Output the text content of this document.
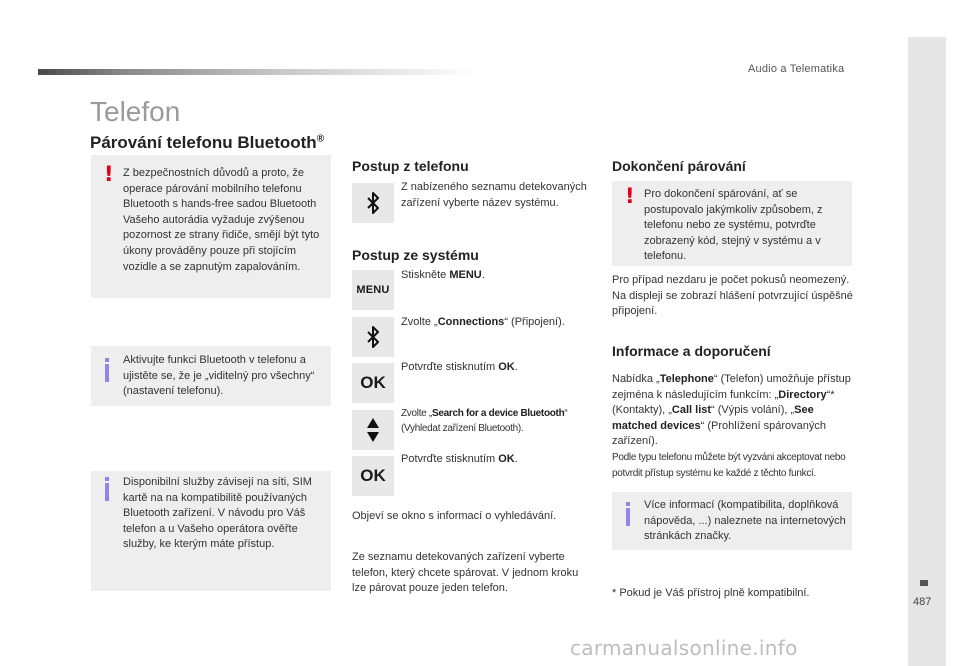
Audio a Telematika
487
Telefon
Párování telefonu Bluetooth®
! Z bezpečnostních důvodů a proto, že operace párování mobilního telefonu Bluetooth s hands-free sadou Bluetooth Vašeho autorádia vyžaduje zvýšenou pozornost ze strany řidiče, smějí být tyto úkony prováděny pouze při stojícím vozidle a se zapnutým zapalováním.
Aktivujte funkci Bluetooth v telefonu a ujistěte se, že je „viditelný pro všechny“ (nastavení telefonu).
Disponibilní služby závisejí na síti, SIM kartě na na kompatibilitě používaných Bluetooth zařízení. V návodu pro Váš telefon a u Vašeho operátora ověřte služby, ke kterým máte přístup.
Postup z telefonu
Z nabízeného seznamu detekovaných zařízení vyberte název systému.
Postup ze systému
MENU
Stiskněte MENU.
Zvolte „Connections“ (Připojení).
OK
Potvrďte stisknutím OK.
Zvolte „Search for a device Bluetooth“ (Vyhledat zařízení Bluetooth).
OK
Potvrďte stisknutím OK.
Objeví se okno s informací o vyhledávání.
Ze seznamu detekovaných zařízení vyberte telefon, který chcete spárovat. V jednom kroku lze párovat pouze jeden telefon.
Dokončení párování
! Pro dokončení spárování, ať se postupovalo jakýmkoliv způsobem, z telefonu nebo ze systému, potvrďte zobrazený kód, stejný v systému a v telefonu.
Pro případ nezdaru je počet pokusů neomezený. Na displeji se zobrazí hlášení potvrzující úspěšné připojení.
Informace a doporučení
Nabídka „Telephone“ (Telefon) umožňuje přístup zejména k následujícím funkcím: „Directory“* (Kontakty), „Call list“ (Výpis volání), „See matched devices“ (Prohlížení spárovaných zařízení).
Podle typu telefonu můžete být vyzváni akceptovat nebo potvrdit přístup systému ke každé z těchto funkcí.
Více informací (kompatibilita, doplňková nápověda, ...) naleznete na internetových stránkách značky.
* Pokud je Váš přístroj plně kompatibilní.
carmanualsonline.info
